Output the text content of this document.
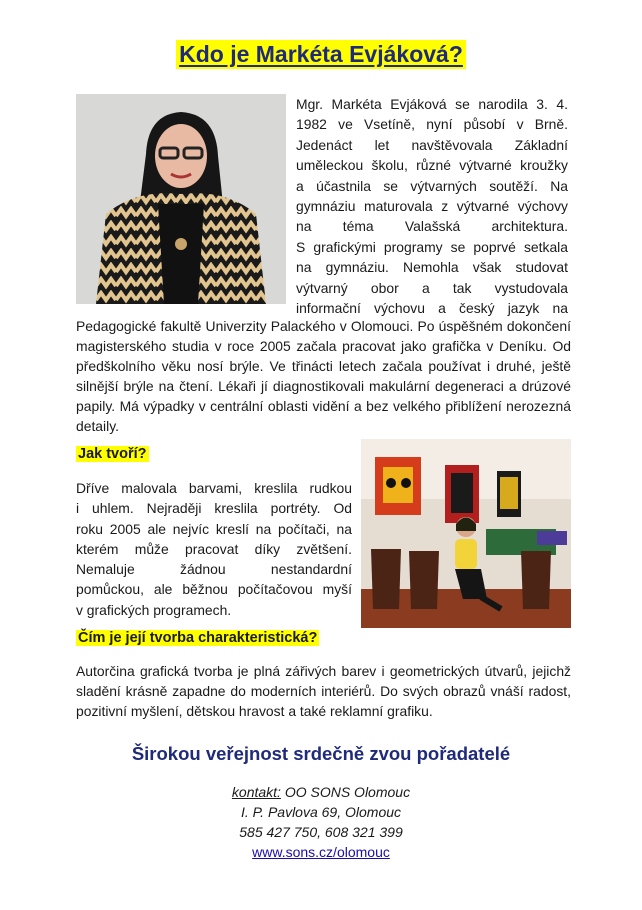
Kdo je Markéta Evjáková?
Mgr. Markéta Evjáková se narodila 3. 4.
1982 ve Vsetíně, nyní působí v Brně.
Jedenáct let navštěvovala Základní
uměleckou školu, různé výtvarné kroužky
a účastnila se výtvarných soutěží. Na
gymnáziu maturovala z výtvarné výchovy
na téma Valašská architektura.
S grafickými programy se poprvé setkala
na gymnáziu. Nemohla však studovat
výtvarný obor a tak vystudovala
informační výchovu a český jazyk na

Pedagogické fakultě Univerzity Palackého v Olomouci. Po úspěšném dokončení magisterského studia v roce 2005 začala pracovat jako grafička v Deníku. Od předškolního věku nosí brýle. Ve třinácti letech začala používat i druhé, ještě silnější brýle na čtení. Lékaři jí diagnostikovali makulární degeneraci a drúzové papily. Má výpadky v centrální oblasti vidění a bez velkého přiblížení nerozezná detaily.

Jak tvoří?
Dříve malovala barvami, kreslila rudkou
i uhlem. Nejraději kreslila portréty. Od
roku 2005 ale nejvíc kreslí na počítači, na
kterém může pracovat díky zvětšení.
Nemaluje žádnou nestandardní
pomůckou, ale běžnou počítačovou myší
v grafických programech.
Čím je její tvorba charakteristická?

Autorčina grafická tvorba je plná zářivých barev i geometrických útvarů, jejichž sladění krásně zapadne do moderních interiérů. Do svých obrazů vnáší radost, pozitivní myšlení, dětskou hravost a také reklamní grafiku.

Širokou veřejnost srdečně zvou pořadatelé
kontakt: OO SONS Olomouc
I. P. Pavlova 69, Olomouc
585 427 750, 608 321 399
www.sons.cz/olomouc
